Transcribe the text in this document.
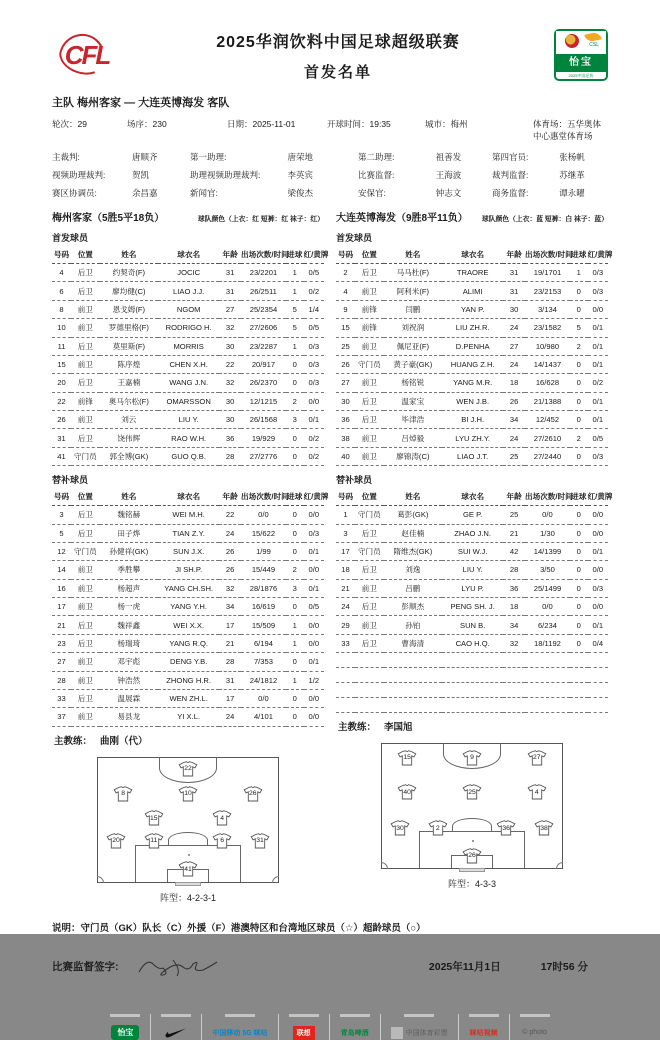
CFL	2025华润饮料中国足球超级联赛
首发名单
CSL
怡宝
2025中国足协
主队 梅州客家 — 大连英博海发 客队
轮次：29	场序：230	日期：2025-11-01	开球时间：19:35	城市：梅州	体育场：五华奥体中心惠堂体育场
主裁判:	唐顺齐	第一助理:	唐荣地	第二助理:	祖善发	第四官员:	张杨帆
视频助理裁判:	贺凯	助理视频助理裁判:	李英宾	比赛监督:	王海波	裁判监督:	苏继革
赛区协调员:	余昌嘉	新闻官:	梁俊杰	安保官:	钟志文	商务监督:	谭永曜
梅州客家（5胜5平18负）	球队颜色（上衣：红 短裤：红 袜子：红）
首发球员
号码	位置	姓名	球衣名	年龄	出场次数/时间	进球	红/黄牌
4	后卫	约契奇(F)	JOCIC	31	23/2201	1	0/5
6	后卫	廖均健(C)	LIAO J.J.	31	26/2511	1	0/2
8	前卫	恩戈姆(F)	NGOM	27	25/2354	5	1/4
10	前卫	罗德里格(F)	RODRIGO H.	32	27/2606	5	0/5
11	后卫	莫里斯(F)	MORRIS	30	23/2287	1	0/3
15	前卫	陈序煌	CHEN X.H.	22	20/917	0	0/3
20	后卫	王嘉楠	WANG J.N.	32	26/2370	0	0/3
22	前锋	奥马尔松(F)	OMARSSON	30	12/1215	2	0/0
26	前卫	刘云	LIU Y.	30	26/1568	3	0/1
31	后卫	饶伟辉	RAO W.H.	36	19/929	0	0/2
41	守门员	郭全博(GK)	GUO Q.B.	28	27/2776	0	0/2
替补球员
号码	位置	姓名	球衣名	年龄	出场次数/时间	进球	红/黄牌
3	后卫	魏铭赫	WEI M.H.	22	0/0	0	0/0
5	后卫	田子烨	TIAN Z.Y.	24	15/622	0	0/3
12	守门员	孙健祥(GK)	SUN J.X.	26	1/99	0	0/1
14	前卫	季胜攀	JI SH.P.	26	15/449	2	0/0
16	前卫	杨超声	YANG CH.SH.	32	28/1876	3	0/1
17	前卫	杨一虎	YANG Y.H.	34	16/619	0	0/5
21	后卫	魏祥鑫	WEI X.X.	17	15/509	1	0/0
23	后卫	杨瑞琦	YANG R.Q.	21	6/194	1	0/0
27	前卫	邓宇彪	DENG Y.B.	28	7/353	0	0/1
28	前卫	钟浩然	ZHONG H.R.	31	24/1812	1	1/2
33	后卫	温展霖	WEN ZH.L.	17	0/0	0	0/0
37	前卫	易县龙	YI X.L.	24	4/101	0	0/0
主教练： 曲刚（代）
22
8	10	26
15	4
20	11	6	31
41
阵型：4-2-3-1
大连英博海发（9胜8平11负） 球队颜色（上衣：蓝 短裤：白 袜子：蓝）
首发球员
号码	位置	姓名	球衣名	年龄	出场次数/时间	进球	红/黄牌
2	后卫	马马杜(F)	TRAORE	31	19/1701	1	0/3
4	前卫	阿利米(F)	ALIMI	31	23/2153	0	0/3
9	前锋	闫鹏	YAN P.	30	3/134	0	0/0
15	前锋	刘祝润	LIU ZH.R.	24	23/1582	5	0/1
25	前卫	佩尼亚(F)	D.PENHA	27	10/980	2	0/1
26	守门员	黄子豪(GK)	HUANG Z.H.	24	14/1437	0	0/1
27	前卫	杨铭锐	YANG M.R.	18	16/628	0	0/2
30	后卫	温家宝	WEN J.B.	26	21/1388	0	0/1
36	后卫	毕津浩	BI J.H.	34	12/452	0	0/1
38	前卫	吕焯毅	LYU ZH.Y.	24	27/2610	2	0/5
40	前卫	廖锦涛(C)	LIAO J.T.	25	27/2440	0	0/3
替补球员
号码	位置	姓名	球衣名	年龄	出场次数/时间	进球	红/黄牌
1	守门员	葛彭(GK)	GE P.	25	0/0	0	0/0
3	后卫	赵佳楠	ZHAO J.N.	21	1/30	0	0/0
17	守门员	隋维杰(GK)	SUI W.J.	42	14/1399	0	0/1
18	后卫	刘逸	LIU Y.	28	3/50	0	0/0
21	前卫	吕鹏	LYU P.	36	25/1499	0	0/3
24	后卫	彭顺杰	PENG SH. J.	18	0/0	0	0/0
29	前卫	孙铂	SUN B.	34	6/234	0	0/1
33	后卫	曹海清	CAO H.Q.	32	18/1192	0	0/4

主教练： 李国旭
15	9	27
40	25	4
30	2	36	38
26
阵型：4-3-3
说明：守门员（GK）队长（C）外援（F）港澳特区和台湾地区球员（☆）超龄球员（○）
比赛监督签字:	2025年11月1日	17时56 分
怡宝	中国移动 5G 咪咕	联想	青岛啤酒	中国体育彩票	咪咕视频	© photo
